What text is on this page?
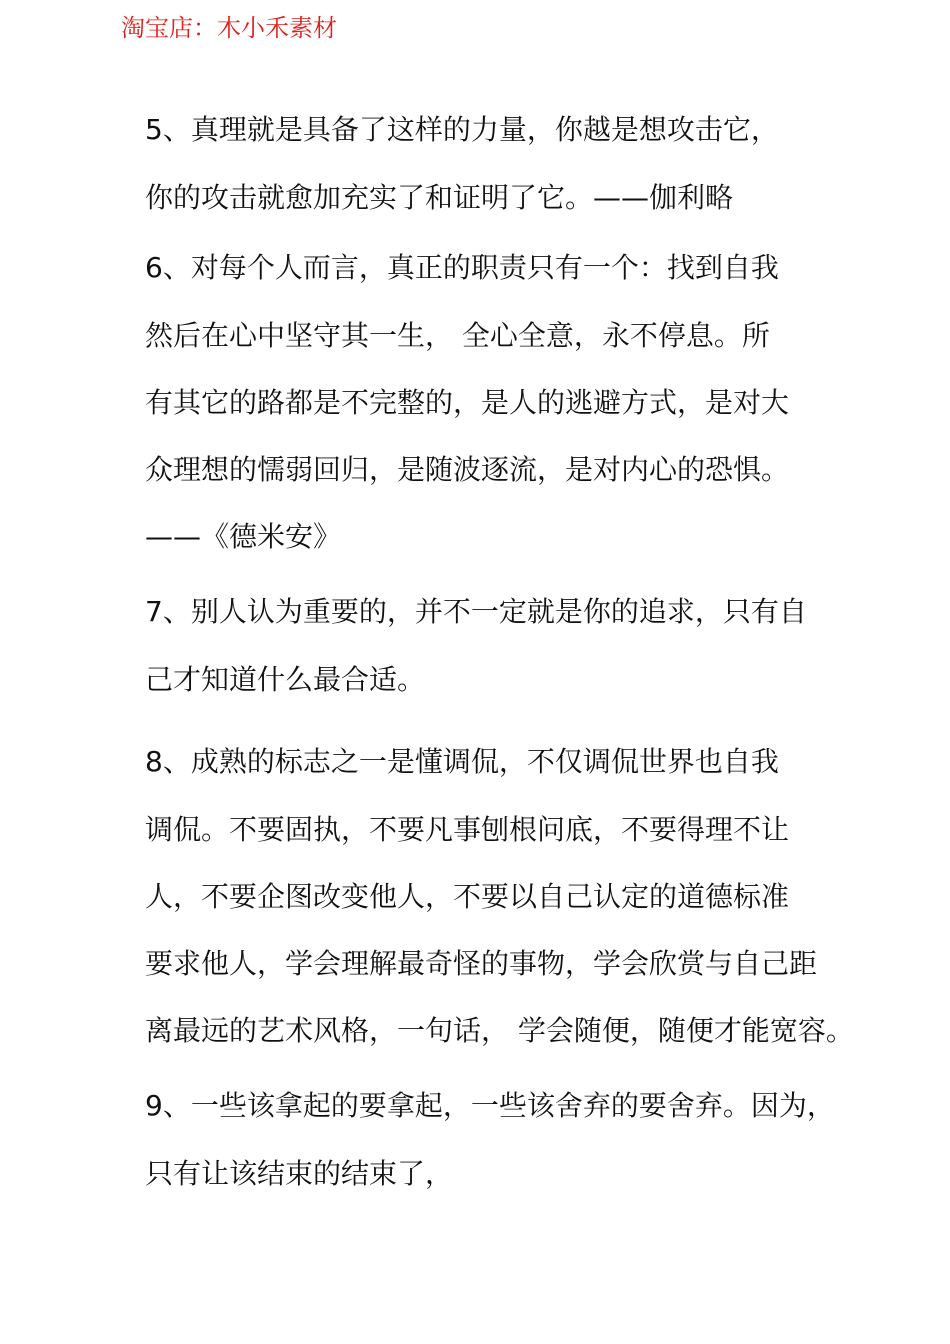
淘宝店：木小禾素材
5、真理就是具备了这样的力量，你越是想攻击它，
你的攻击就愈加充实了和证明了它。——伽利略
6、对每个人而言，真正的职责只有一个：找到自我
然后在心中坚守其一生， 全心全意，永不停息。所
有其它的路都是不完整的，是人的逃避方式，是对大
众理想的懦弱回归，是随波逐流，是对内心的恐惧。
——《德米安》
7、别人认为重要的，并不一定就是你的追求，只有自
己才知道什么最合适。
8、成熟的标志之一是懂调侃，不仅调侃世界也自我
调侃。不要固执，不要凡事刨根问底，不要得理不让
人，不要企图改变他人，不要以自己认定的道德标准
要求他人，学会理解最奇怪的事物，学会欣赏与自己距
离最远的艺术风格，一句话， 学会随便，随便才能宽容。
9、一些该拿起的要拿起，一些该舍弃的要舍弃。因为，
只有让该结束的结束了，
